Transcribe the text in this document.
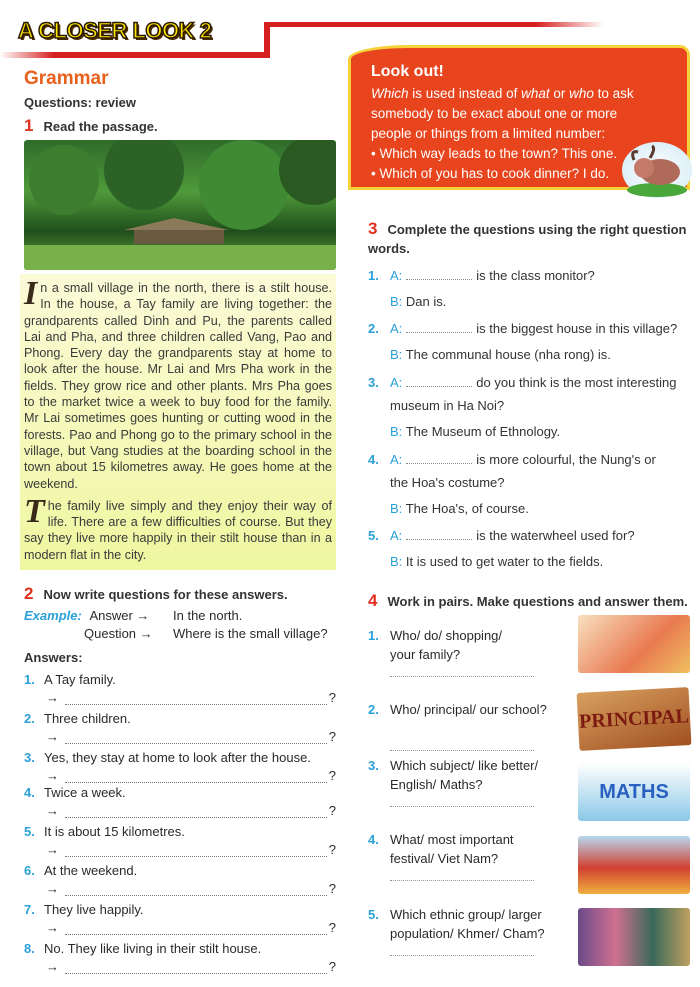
A CLOSER LOOK 2
Grammar
Questions: review
1 Read the passage.

In a small village in the north, there is a stilt house. In the house, a Tay family are living together: the grandparents called Dinh and Pu, the parents called Lai and Pha, and three children called Vang, Pao and Phong. Every day the grandparents stay at home to look after the house. Mr Lai and Mrs Pha work in the fields. They grow rice and other plants. Mrs Pha goes to the market twice a week to buy food for the family. Mr Lai sometimes goes hunting or cutting wood in the forests. Pao and Phong go to the primary school in the village, but Vang studies at the boarding school in the town about 15 kilometres away. He goes home at the weekend.

The family live simply and they enjoy their way of life. There are a few difficulties of course. But they say they live more happily in their stilt house than in a modern flat in the city.

2 Now write questions for these answers.
Example: Answer → In the north.
Question → Where is the small village?
Answers:
1. A Tay family.
→	?
2. Three children.
→	?
3. Yes, they stay at home to look after the house.
→	?
4. Twice a week.
→	?
5. It is about 15 kilometres.
→	?
6. At the weekend.
→	?
7. They live happily.
→	?
8. No. They like living in their stilt house.
→	?
Look out!
Which is used instead of what or who to ask somebody to be exact about one or more people or things from a limited number:
• Which way leads to the town? This one.
• Which of you has to cook dinner? I do.
3 Complete the questions using the right question words.
1. A:	is the class monitor?
B: Dan is.
2. A:	is the biggest house in this village?
B: The communal house (nha rong) is.
3. A:	do you think is the most interesting
museum in Ha Noi?
B: The Museum of Ethnology.
4. A:	is more colourful, the Nung's or
the Hoa's costume?
B: The Hoa's, of course.
5. A:	is the waterwheel used for?
B: It is used to get water to the fields.
4 Work in pairs. Make questions and answer them.
1. Who/ do/ shopping/
your family?
2. Who/ principal/ our school?

3. Which subject/ like better/
English/ Maths?
4. What/ most important
festival/ Viet Nam?
5. Which ethnic group/ larger
population/ Khmer/ Cham?
PRINCIPAL
MATHS
